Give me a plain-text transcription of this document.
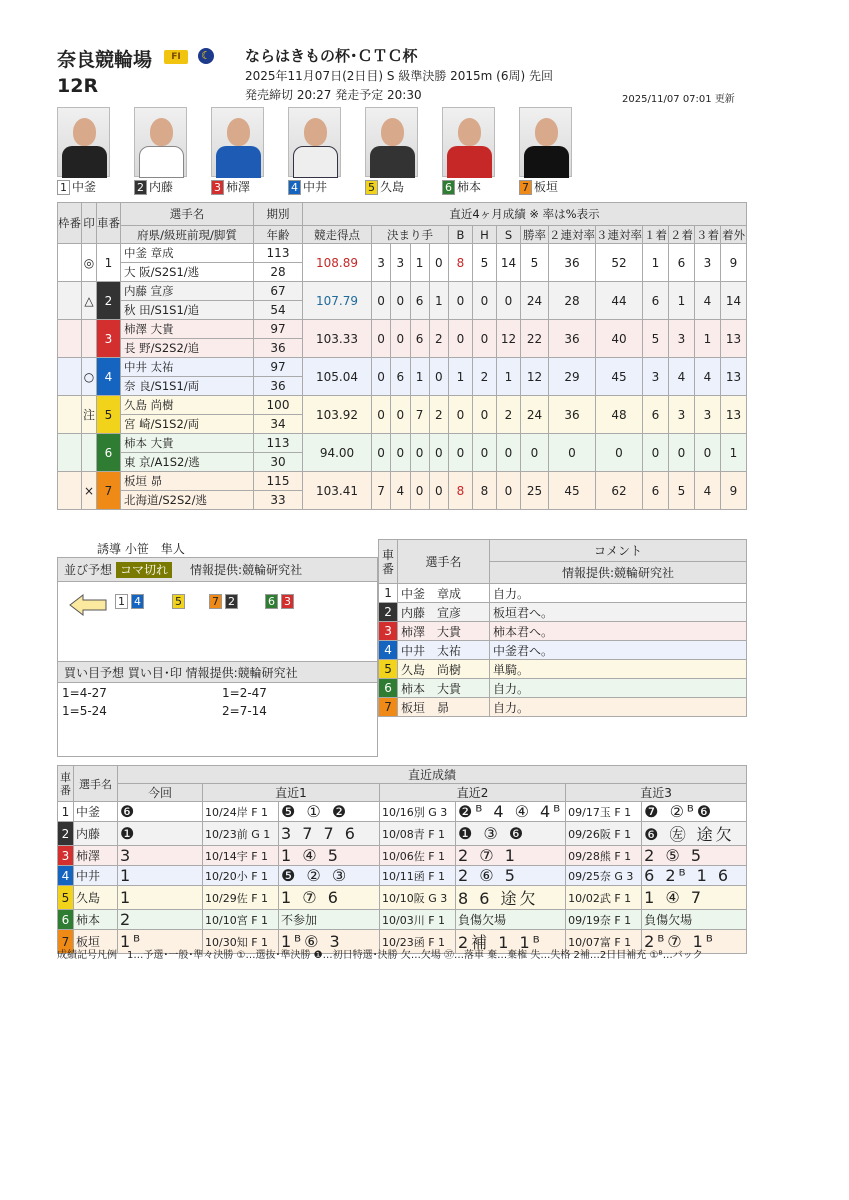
奈良競輪場
12R
FI	☾ ならはきもの杯･ＣＴＣ杯
2025年11月07日(2日目) S 級準決勝 2015m (6周) 先回
発売締切 20:27 発走予定 20:30	2025/11/07 07:01 更新
1 中釜	2 内藤	3 柿澤	4 中井	5 久島	6 柿本	7 板垣
枠番	印	車番	選手名	期別	直近4ヶ月成績 ※ 率は%表示														
			府県/級班前現/脚質	年齢	競走得点	決まり手				B	H	S	勝率	２連対率	３連対率	１着	２着	３着	着外
	◎	1	中釜 章成	113	108.89	3	3	1	0	8	5	14	5	36	52	1	6	3	9
			大 阪/S2S1/逃	28															
	△	2	内藤 宣彦	67	107.79	0	0	6	1	0	0	0	24	28	44	6	1	4	14
			秋 田/S1S1/追	54															
		3	柿澤 大貴	97	103.33	0	0	6	2	0	0	12	22	36	40	5	3	1	13
			長 野/S2S2/追	36															
	○	4	中井 太祐	97	105.04	0	6	1	0	1	2	1	12	29	45	3	4	4	13
			奈 良/S1S1/両	36															
	注	5	久島 尚樹	100	103.92	0	0	7	2	0	0	2	24	36	48	6	3	3	13
			宮 崎/S1S2/両	34															
		6	柿本 大貴	113	94.00	0	0	0	0	0	0	0	0	0	0	0	0	0	1
			東 京/A1S2/逃	30															
	×	7	板垣 昴	115	103.41	7	4	0	0	8	8	0	25	45	62	6	5	4	9
			北海道/S2S2/逃	33															
誘導 小笹　隼人
並び予想 コマ切れ 情報提供:競輪研究社
1 4	5	7 2	6 3
買い目予想 買い目･印 情報提供:競輪研究社
1=4-27	1=2-47
1=5-24	2=7-14
車番	選手名	コメント
		情報提供:競輪研究社
1	中釜　章成	自力。
2	内藤　宣彦	板垣君へ。
3	柿澤　大貴	柿本君へ。
4	中井　太祐	中釜君へ。
5	久島　尚樹	単騎。
6	柿本　大貴	自力。
7	板垣　昴	自力。
車番	選手名	直近成績						
		今回	直近1		直近2		直近3	
1	中釜	❻	10/24岸 F 1	❺ ① ❷	10/16別 G 3	❷ᴮ 4 ④ 4ᴮ	09/17玉 F 1	❼ ②ᴮ❻
2	内藤	❶	10/23前 G 1	3 7 7 6	10/08青 F 1	❶ ③ ❻	09/26阪 F 1	❻ ㊧ 途欠
3	柿澤	3	10/14宇 F 1	1 ④ 5	10/06佐 F 1	2 ⑦ 1	09/28熊 F 1	2 ⑤ 5
4	中井	1	10/20小 F 1	❺ ② ③	10/11函 F 1	2 ⑥ 5	09/25奈 G 3	6 2ᴮ 1 6
5	久島	1	10/29佐 F 1	1 ⑦ 6	10/10阪 G 3	8 6 途欠	10/02武 F 1	1 ④ 7
6	柿本	2	10/10宮 F 1	不参加	10/03川 F 1	負傷欠場	09/19奈 F 1	負傷欠場
7	板垣	1ᴮ	10/30知 F 1	1ᴮ⑥ 3	10/23函 F 1	2補 1 1ᴮ	10/07富 F 1	2ᴮ⑦ 1ᴮ
成績記号凡例　1…予選･一般･準々決勝 ①…選抜･準決勝 ❶…初日特選･決勝 欠…欠場 ㊲…落車 棄…棄権 失…失格 2補…2日目補充 ①ᴮ…バック
